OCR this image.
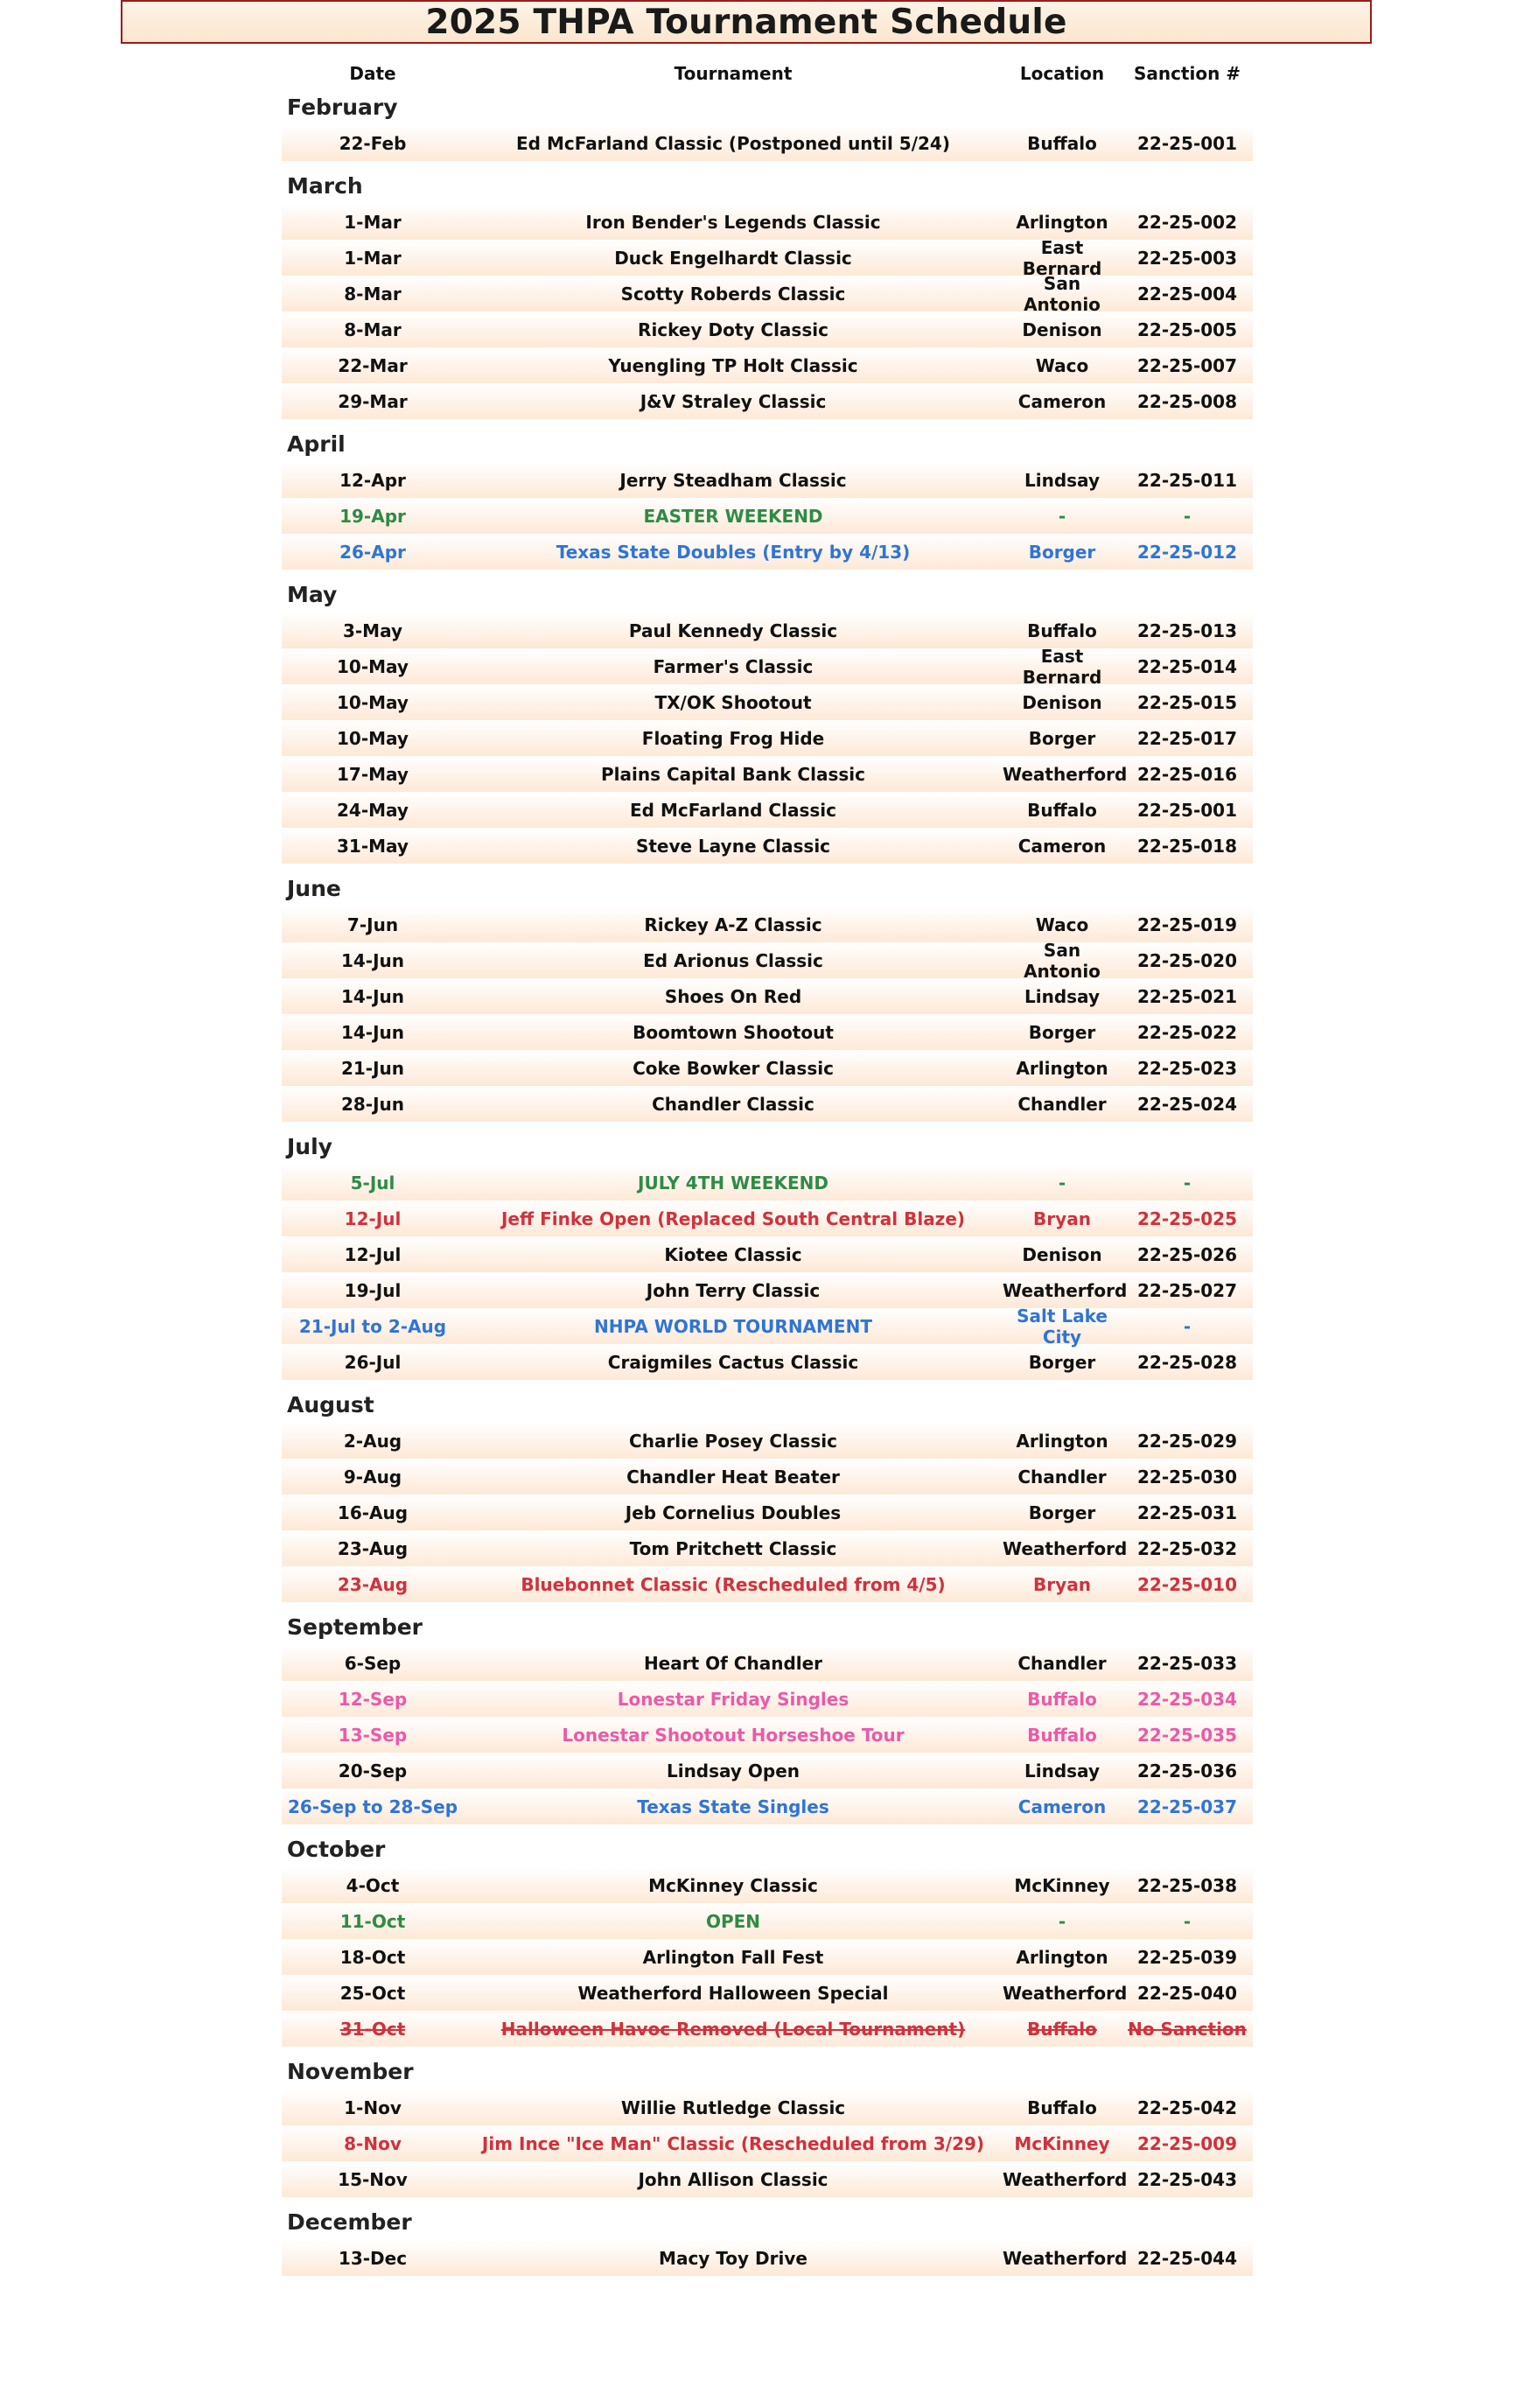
2025 THPA Tournament Schedule
Date	Tournament	Location	Sanction #
February
22-Feb	Ed McFarland Classic (Postponed until 5/24)	Buffalo	22-25-001
March
1-Mar	Iron Bender's Legends Classic	Arlington	22-25-002
1-Mar	Duck Engelhardt Classic	East Bernard	22-25-003
8-Mar	Scotty Roberds Classic	San Antonio	22-25-004
8-Mar	Rickey Doty Classic	Denison	22-25-005
22-Mar	Yuengling TP Holt Classic	Waco	22-25-007
29-Mar	J&V Straley Classic	Cameron	22-25-008
April
12-Apr	Jerry Steadham Classic	Lindsay	22-25-011
19-Apr	EASTER WEEKEND	-	-
26-Apr	Texas State Doubles (Entry by 4/13)	Borger	22-25-012
May
3-May	Paul Kennedy Classic	Buffalo	22-25-013
10-May	Farmer's Classic	East Bernard	22-25-014
10-May	TX/OK Shootout	Denison	22-25-015
10-May	Floating Frog Hide	Borger	22-25-017
17-May	Plains Capital Bank Classic	Weatherford 22-25-016
24-May	Ed McFarland Classic	Buffalo	22-25-001
31-May	Steve Layne Classic	Cameron	22-25-018
June
7-Jun	Rickey A-Z Classic	Waco	22-25-019
14-Jun	Ed Arionus Classic	San Antonio	22-25-020
14-Jun	Shoes On Red	Lindsay	22-25-021
14-Jun	Boomtown Shootout	Borger	22-25-022
21-Jun	Coke Bowker Classic	Arlington	22-25-023
28-Jun	Chandler Classic	Chandler	22-25-024
July
5-Jul	JULY 4TH WEEKEND	-	-
12-Jul	Jeff Finke Open (Replaced South Central Blaze)	Bryan	22-25-025
12-Jul	Kiotee Classic	Denison	22-25-026
19-Jul	John Terry Classic	Weatherford 22-25-027
21-Jul to 2-Aug	NHPA WORLD TOURNAMENT	Salt Lake City	-
26-Jul	Craigmiles Cactus Classic	Borger	22-25-028
August
2-Aug	Charlie Posey Classic	Arlington	22-25-029
9-Aug	Chandler Heat Beater	Chandler	22-25-030
16-Aug	Jeb Cornelius Doubles	Borger	22-25-031
23-Aug	Tom Pritchett Classic	Weatherford 22-25-032
23-Aug	Bluebonnet Classic (Rescheduled from 4/5)	Bryan	22-25-010
September
6-Sep	Heart Of Chandler	Chandler	22-25-033
12-Sep	Lonestar Friday Singles	Buffalo	22-25-034
13-Sep	Lonestar Shootout Horseshoe Tour	Buffalo	22-25-035
20-Sep	Lindsay Open	Lindsay	22-25-036
26-Sep to 28-Sep	Texas State Singles	Cameron	22-25-037
October
4-Oct	McKinney Classic	McKinney	22-25-038
11-Oct	OPEN	-	-
18-Oct	Arlington Fall Fest	Arlington	22-25-039
25-Oct	Weatherford Halloween Special	Weatherford 22-25-040
31-Oct	Halloween Havoc Removed (Local Tournament)	Buffalo	No Sanction
November
1-Nov	Willie Rutledge Classic	Buffalo	22-25-042
8-Nov	Jim Ince "Ice Man" Classic (Rescheduled from 3/29)	McKinney	22-25-009
15-Nov	John Allison Classic	Weatherford 22-25-043
December
13-Dec	Macy Toy Drive	Weatherford 22-25-044
